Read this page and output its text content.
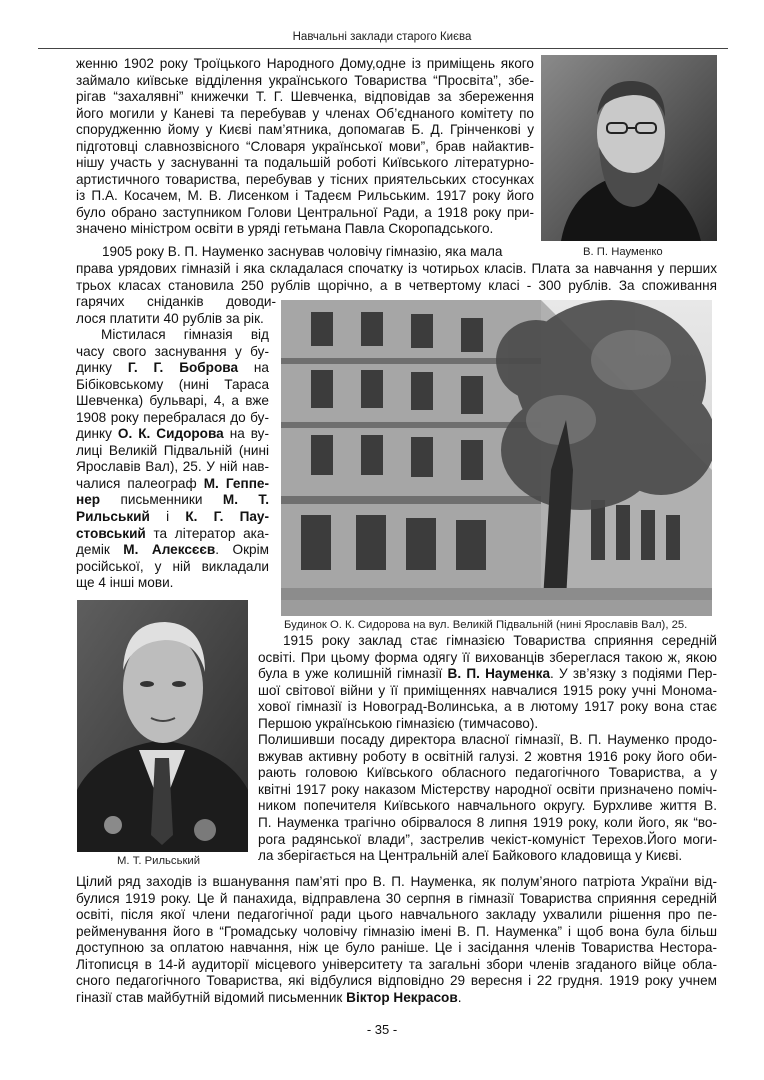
Навчальні заклади старого Києва
В. П. Науменко

женню 1902 року Троїцького Народного Дому,одне із приміщень якого

займало київське відділення українського Товариства “Просвіта”, збе-

рігав “захалявні” книжечки Т. Г. Шевченка, відповідав за збереження

його могили у Каневі та перебував у членах Об’єднаного комітету по

спорудженню йому у Києві пам’ятника, допомагав Б. Д. Грінченкові у

підготовці славнозвісного “Словаря української мови”, брав найактив-

нішу участь у заснуванні та подальшій роботі Київського літературно-

артистичного товариства, перебував у тісних приятельських стосунках

із П.А. Косачем, М. В. Лисенком і Тадеєм Рильським. 1917 року його

було обрано заступником Голови Центральної Ради, а 1918 року при-

значено міністром освіти в уряді гетьмана Павла Скоропадського.

1905 року В. П. Науменко заснував чоловічу гімназію, яка мала

права урядових гімназій і яка складалася спочатку із чотирьох класів. Плата за навчання у перших

трьох класах становила 250 рублів щорічно, а в четвертому класі - 300 рублів. За споживання

гарячих сніданків доводи-
лося платити 40 рублів за рік.

Містилася гімназія від

часу свого заснування у бу-

динку Г. Г. Боброва на

Бібіковському (нині Тараса

Шевченка) бульварі, 4, а вже

1908 року перебралася до бу-

динку О. К. Сидорова на ву-

лиці Великій Підвальній (нині

Ярославів Вал), 25. У ній нав-

чалися палеограф М. Геппе-

нер письменники М. Т.

Рильський і К. Г. Пау-

стовський та літератор ака-

демік М. Алексєєв. Окрім

російської, у ній викладали

ще 4 інші мови.

Будинок О. К. Сидорова на вул. Великій Підвальній (нині Ярославів Вал), 25.
М. Т. Рильський

1915 року заклад стає гімназією Товариства сприяння середній

освіті. При цьому форма одягу її вихованців збереглася такою ж, якою

була в уже колишній гімназії В. П. Науменка. У зв’язку з подіями Пер-

шої світової війни у її приміщеннях навчалися 1915 року учні Монома-

хової гімназії із Новоград-Волинська, а в лютому 1917 року вона стає

Першою українською гімназією (тимчасово).

Полишивши посаду директора власної гімназії, В. П. Науменко продо-

вжував активну роботу в освітній галузі. 2 жовтня 1916 року його оби-

рають головою Київського обласного педагогічного Товариства, а у

квітні 1917 року наказом Містерству народної освіти призначено поміч-

ником попечителя Київського навчального округу. Бурхливе життя В.

П. Науменка трагічно обірвалося 8 липня 1919 року, коли його, як “во-

рога радянської влади”, застрелив чекіст-комуніст Терехов.Його моги-

ла зберігається на Центральній алеї Байкового кладовища у Києві.

Цілий ряд заходів із вшанування пам’яті про В. П. Науменка, як полум’яного патріота України від-

булися 1919 року. Це й панахида, відправлена 30 серпня в гімназії Товариства сприяння середній

освіті, після якої члени педагогічної ради цього навчального закладу ухвалили рішення про пе-

рейменування його в “Громадську чоловічу гімназію імені В. П. Науменка” і щоб вона була більш

доступною за оплатою навчання, ніж це було раніше. Це і засідання членів Товариства Нестора-

Літописця в 14-й аудиторії місцевого університету та загальні збори членів згаданого війце обла-

сного педагогічного Товариства, які відбулися відповідно 29 вересня і 22 грудня. 1919 року учнем

гіназії став майбутній відомий письменник Віктор Некрасов.

- 35 -
